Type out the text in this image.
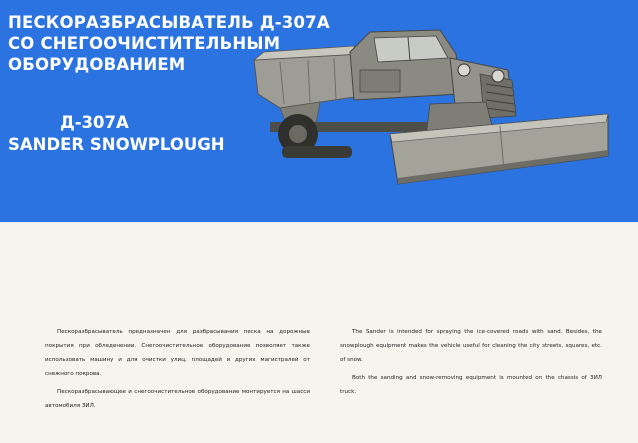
ПЕСКОРАЗБРАСЫВАТЕЛЬ Д-307А
СО СНЕГООЧИСТИТЕЛЬНЫМ
ОБОРУДОВАНИЕМ
Д-307А
SANDER SNOWPLOUGH

Пескоразбрасыватель предназначен для разбрасывания песка на дорожные покрытия при обледенении. Снегоочистительное оборудование позволяет также использовать машину и для очистки улиц, площадей и других магистралей от снежного покрова.

Пескоразбрасывающее и снегоочистительное оборудование монтируется на шасси автомобиля ЗИЛ.

The Sander is intended for spraying the ice-covered roads with sand. Besides, the snowplough equipment makes the vehicle useful for cleaning the city streets, squares, etc. of snow.

Both the sanding and snow-removing equipment is mounted on the chassis of ЗИЛ truck.
